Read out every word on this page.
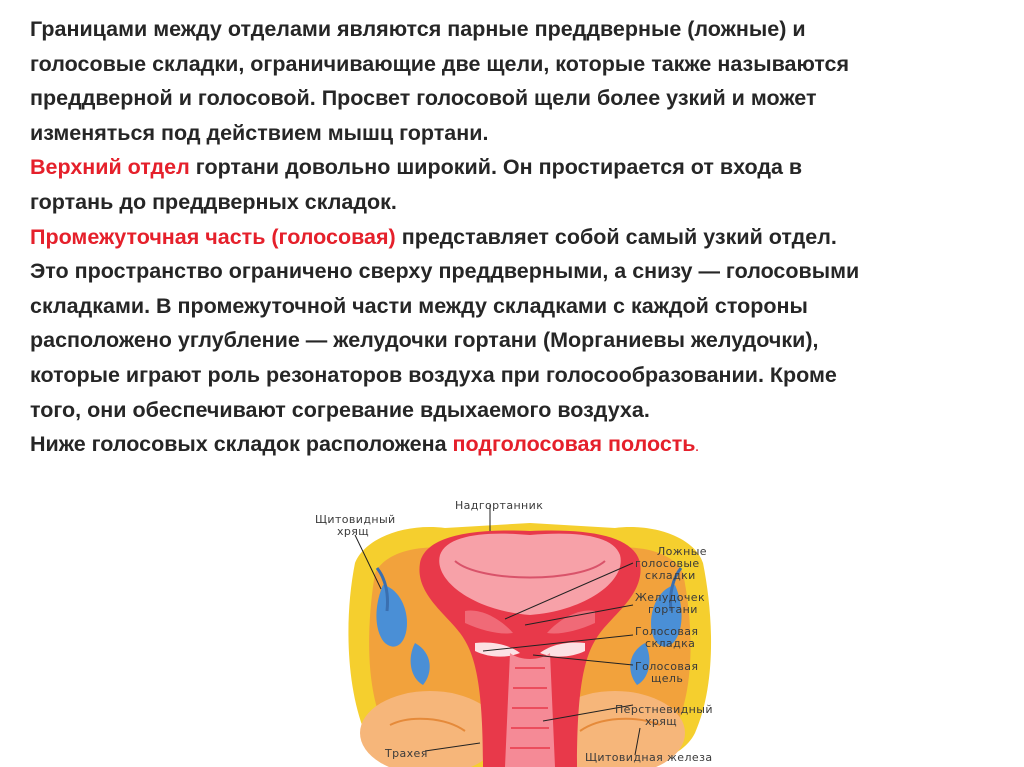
Границами между отделами являются парные преддверные (ложные) и
голосовые складки, ограничивающие две щели, которые также называются
преддверной и голосовой. Просвет голосовой щели более узкий и может
изменяться под действием мышц гортани.
Верхний отдел гортани довольно широкий. Он простирается от входа в
гортань до преддверных складок.
Промежуточная часть (голосовая) представляет собой самый узкий отдел.
Это пространство ограничено сверху преддверными, а снизу — голосовыми
складками. В промежуточной части между складками с каждой стороны
расположено углубление — желудочки гортани (Морганиевы желудочки),
которые играют роль резонаторов воздуха при голосообразовании. Кроме
того, они обеспечивают согревание вдыхаемого воздуха.
Ниже голосовых складок расположена подголосовая полость.
Надгортанник
Щитовидный
хрящ
Ложные
голосовые
складки
Желудочек
гортани
Голосовая
складка
Голосовая
щель
Перстневидный
хрящ
Трахея	Щитовидная железа
